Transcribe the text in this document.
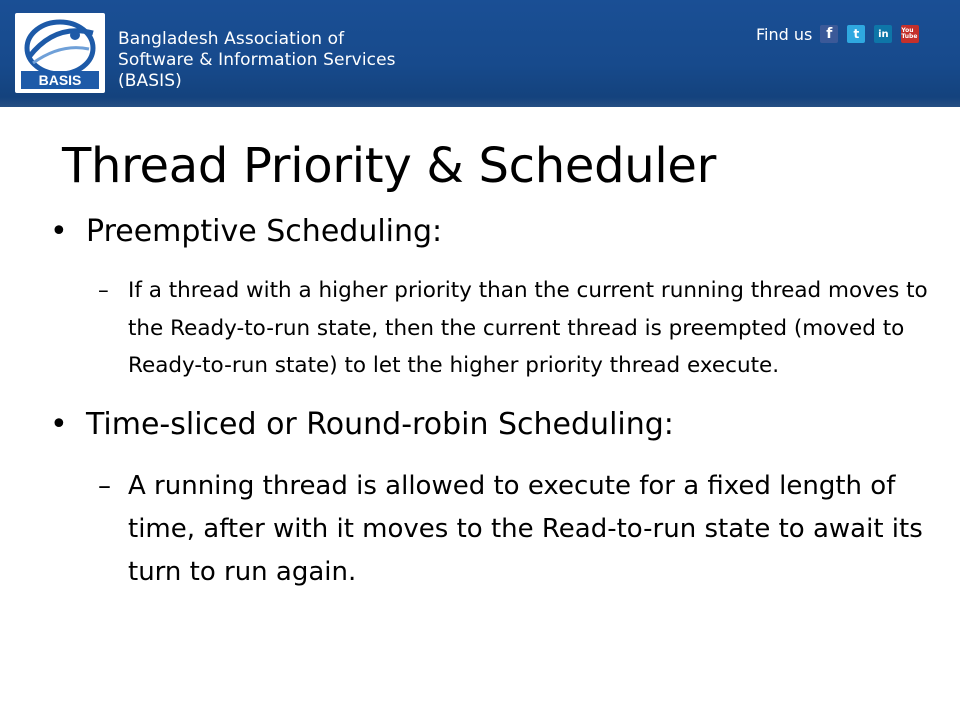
BASIS
Bangladesh Association of
Software & Information Services
(BASIS)
Find us f	t	in	You Tube
Thread Priority & Scheduler
• Preemptive Scheduling:
– If a thread with a higher priority than the current running thread moves to the Ready-to-run state, then the current thread is preempted (moved to Ready-to-run state) to let the higher priority thread execute.
• Time-sliced or Round-robin Scheduling:
– A running thread is allowed to execute for a fixed length of time, after with it moves to the Read-to-run state to await its turn to run again.
